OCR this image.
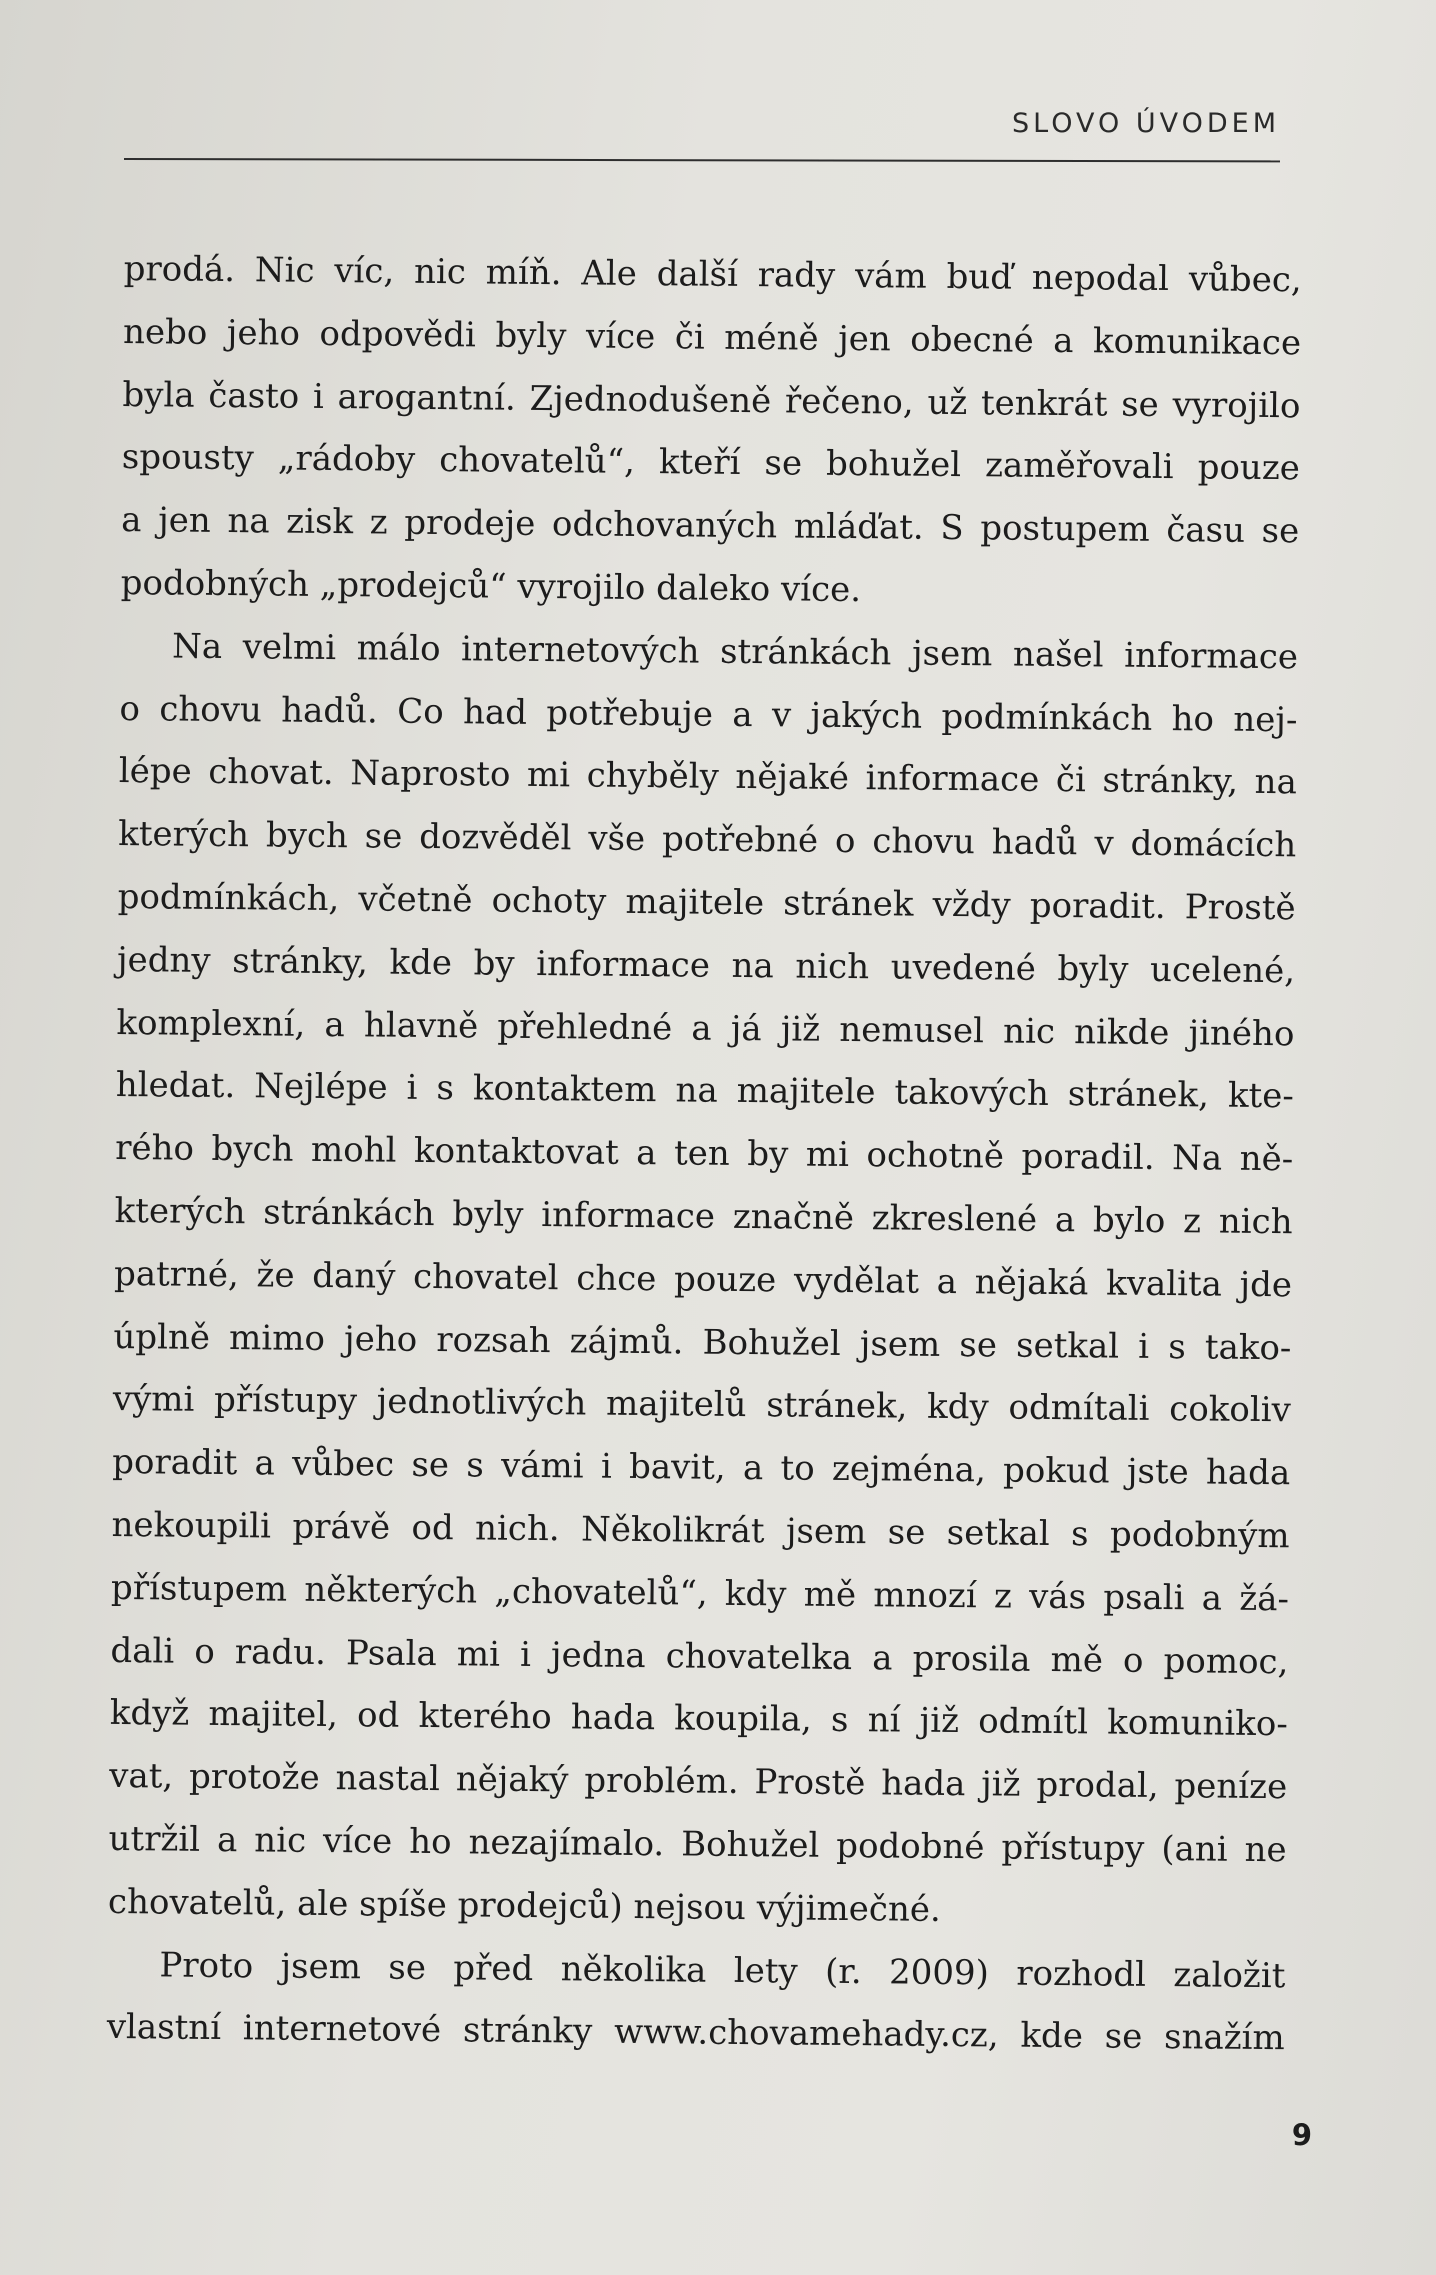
SLOVO ÚVODEM
prodá. Nic víc, nic míň. Ale další rady vám buď nepodal vůbec,
nebo jeho odpovědi byly více či méně jen obecné a komunikace
byla často i arogantní. Zjednodušeně řečeno, už tenkrát se vyrojilo
spousty „rádoby chovatelů“, kteří se bohužel zaměřovali pouze
a jen na zisk z prodeje odchovaných mláďat. S postupem času se
podobných „prodejců“ vyrojilo daleko více.
Na velmi málo internetových stránkách jsem našel informace
o chovu hadů. Co had potřebuje a v jakých podmínkách ho nej-
lépe chovat. Naprosto mi chyběly nějaké informace či stránky, na
kterých bych se dozvěděl vše potřebné o chovu hadů v domácích
podmínkách, včetně ochoty majitele stránek vždy poradit. Prostě
jedny stránky, kde by informace na nich uvedené byly ucelené,
komplexní, a hlavně přehledné a já již nemusel nic nikde jiného
hledat. Nejlépe i s kontaktem na majitele takových stránek, kte-
rého bych mohl kontaktovat a ten by mi ochotně poradil. Na ně-
kterých stránkách byly informace značně zkreslené a bylo z nich
patrné, že daný chovatel chce pouze vydělat a nějaká kvalita jde
úplně mimo jeho rozsah zájmů. Bohužel jsem se setkal i s tako-
vými přístupy jednotlivých majitelů stránek, kdy odmítali cokoliv
poradit a vůbec se s vámi i bavit, a to zejména, pokud jste hada
nekoupili právě od nich. Několikrát jsem se setkal s podobným
přístupem některých „chovatelů“, kdy mě mnozí z vás psali a žá-
dali o radu. Psala mi i jedna chovatelka a prosila mě o pomoc,
když majitel, od kterého hada koupila, s ní již odmítl komuniko-
vat, protože nastal nějaký problém. Prostě hada již prodal, peníze
utržil a nic více ho nezajímalo. Bohužel podobné přístupy (ani ne
chovatelů, ale spíše prodejců) nejsou výjimečné.
Proto jsem se před několika lety (r. 2009) rozhodl založit
vlastní internetové stránky www.chovamehady.cz, kde se snažím
9
